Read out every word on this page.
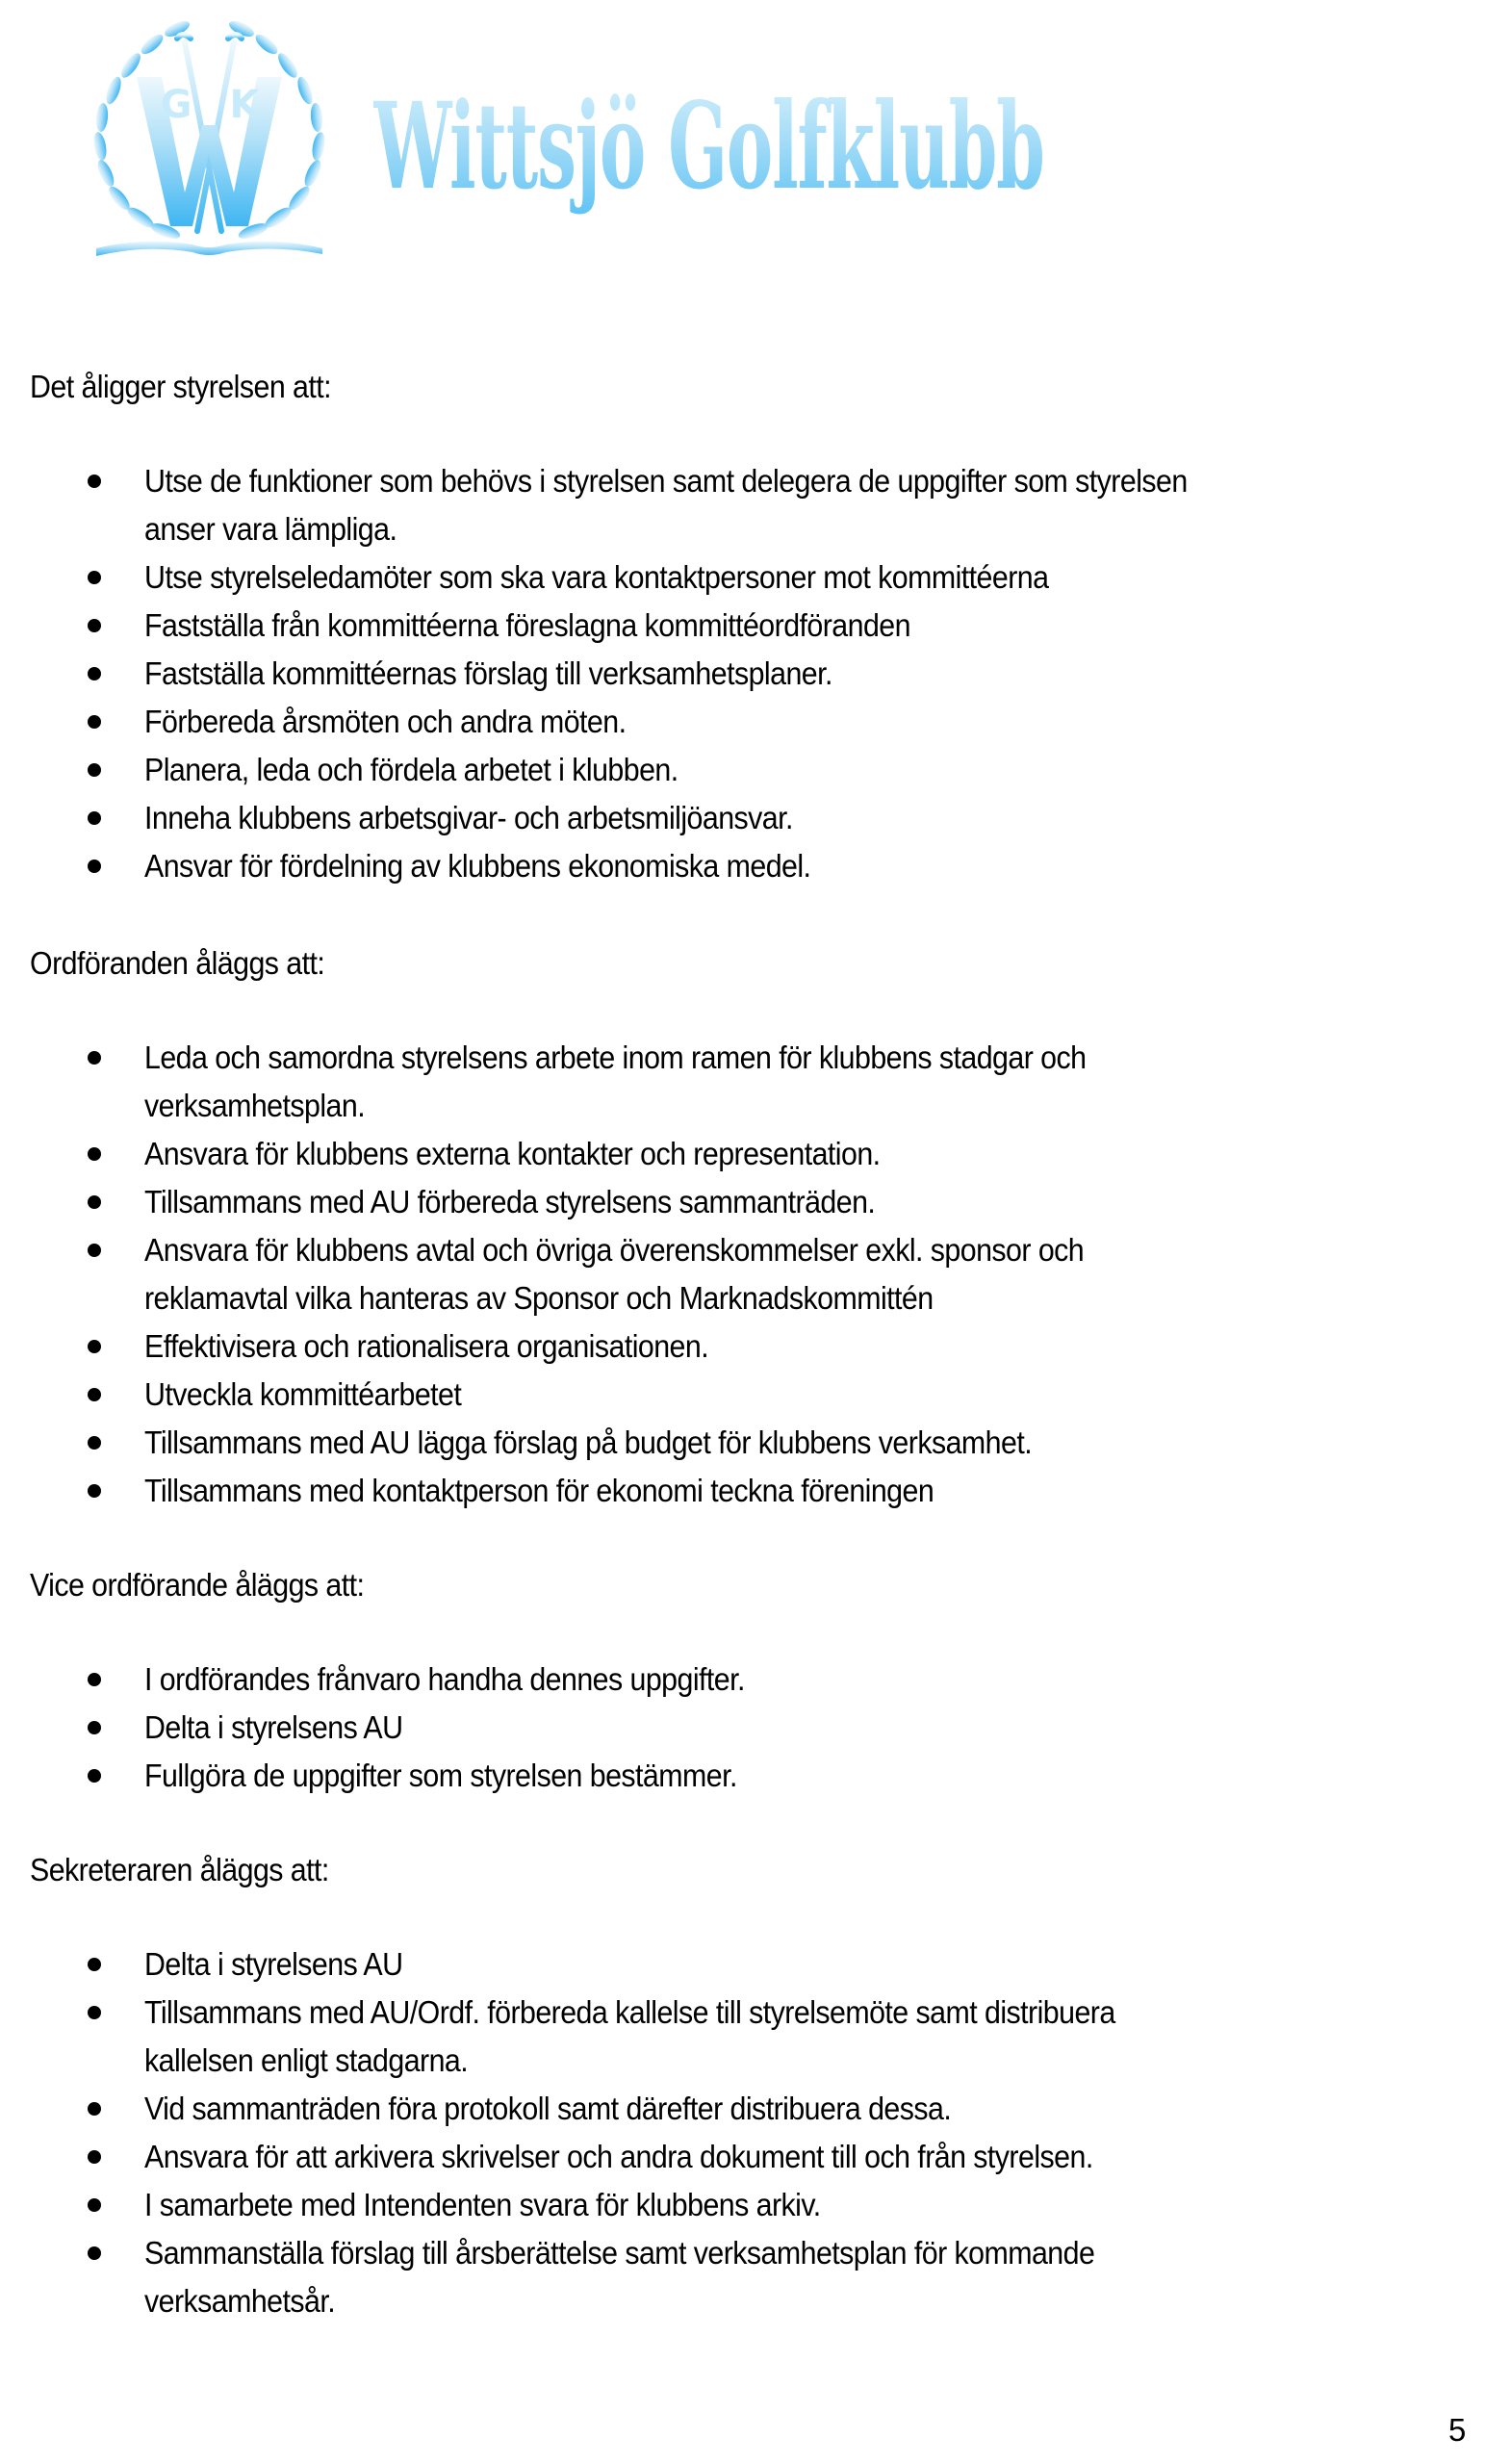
G K Wittsjö Golfklubb
Det åligger styrelsen att:
Utse de funktioner som behövs i styrelsen samt delegera de uppgifter som styrelsen
anser vara lämpliga.
Utse styrelseledamöter som ska vara kontaktpersoner mot kommittéerna
Fastställa från kommittéerna föreslagna kommittéordföranden
Fastställa kommittéernas förslag till verksamhetsplaner.
Förbereda årsmöten och andra möten.
Planera, leda och fördela arbetet i klubben.
Inneha klubbens arbetsgivar- och arbetsmiljöansvar.
Ansvar för fördelning av klubbens ekonomiska medel.
Ordföranden åläggs att:
Leda och samordna styrelsens arbete inom ramen för klubbens stadgar och
verksamhetsplan.
Ansvara för klubbens externa kontakter och representation.
Tillsammans med AU förbereda styrelsens sammanträden.
Ansvara för klubbens avtal och övriga överenskommelser exkl. sponsor och
reklamavtal vilka hanteras av Sponsor och Marknadskommittén
Effektivisera och rationalisera organisationen.
Utveckla kommittéarbetet
Tillsammans med AU lägga förslag på budget för klubbens verksamhet.
Tillsammans med kontaktperson för ekonomi teckna föreningen
Vice ordförande åläggs att:
I ordförandes frånvaro handha dennes uppgifter.
Delta i styrelsens AU
Fullgöra de uppgifter som styrelsen bestämmer.
Sekreteraren åläggs att:
Delta i styrelsens AU
Tillsammans med AU/Ordf. förbereda kallelse till styrelsemöte samt distribuera
kallelsen enligt stadgarna.
Vid sammanträden föra protokoll samt därefter distribuera dessa.
Ansvara för att arkivera skrivelser och andra dokument till och från styrelsen.
I samarbete med Intendenten svara för klubbens arkiv.
Sammanställa förslag till årsberättelse samt verksamhetsplan för kommande
verksamhetsår.
5
